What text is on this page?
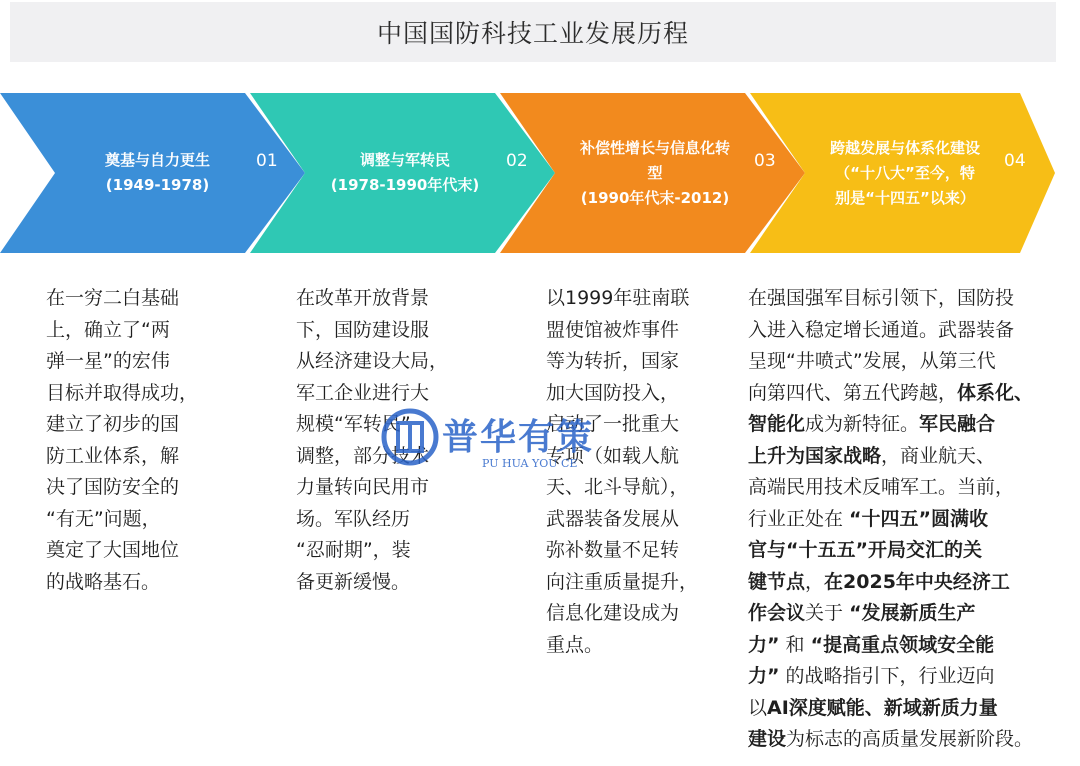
中国国防科技工业发展历程
奠基与自力更生
(1949-1978)
01	调整与军转民
(1978-1990年代末)
02
补偿性增长与信息化转
型
(1990年代末-2012)
03
跨越发展与体系化建设
（“十八大”至今，特
别是“十四五”以来）
04
在一穷二白基础
上，确立了“两
弹一星”的宏伟
目标并取得成功，
建立了初步的国
防工业体系，解
决了国防安全的
“有无”问题，
奠定了大国地位
的战略基石。
在改革开放背景
下，国防建设服
从经济建设大局，
军工企业进行大
规模“军转民”
调整，部分技术
力量转向民用市
场。军队经历
“忍耐期”，装
备更新缓慢。
以1999年驻南联
盟使馆被炸事件
等为转折，国家
加大国防投入，
启动了一批重大
专项（如载人航
天、北斗导航），
武器装备发展从
弥补数量不足转
向注重质量提升，
信息化建设成为
重点。
在强国强军目标引领下，国防投
入进入稳定增长通道。武器装备
呈现“井喷式”发展，从第三代
向第四代、第五代跨越，体系化、
智能化成为新特征。军民融合
上升为国家战略，商业航天、
高端民用技术反哺军工。当前，
行业正处在 “十四五”圆满收
官与“十五五”开局交汇的关
键节点，在2025年中央经济工
作会议关于 “发展新质生产
力” 和 “提高重点领域安全能
力” 的战略指引下，行业迈向
以AI深度赋能、新域新质力量
建设为标志的高质量发展新阶段。
普华有策
PU HUA YOU CE
